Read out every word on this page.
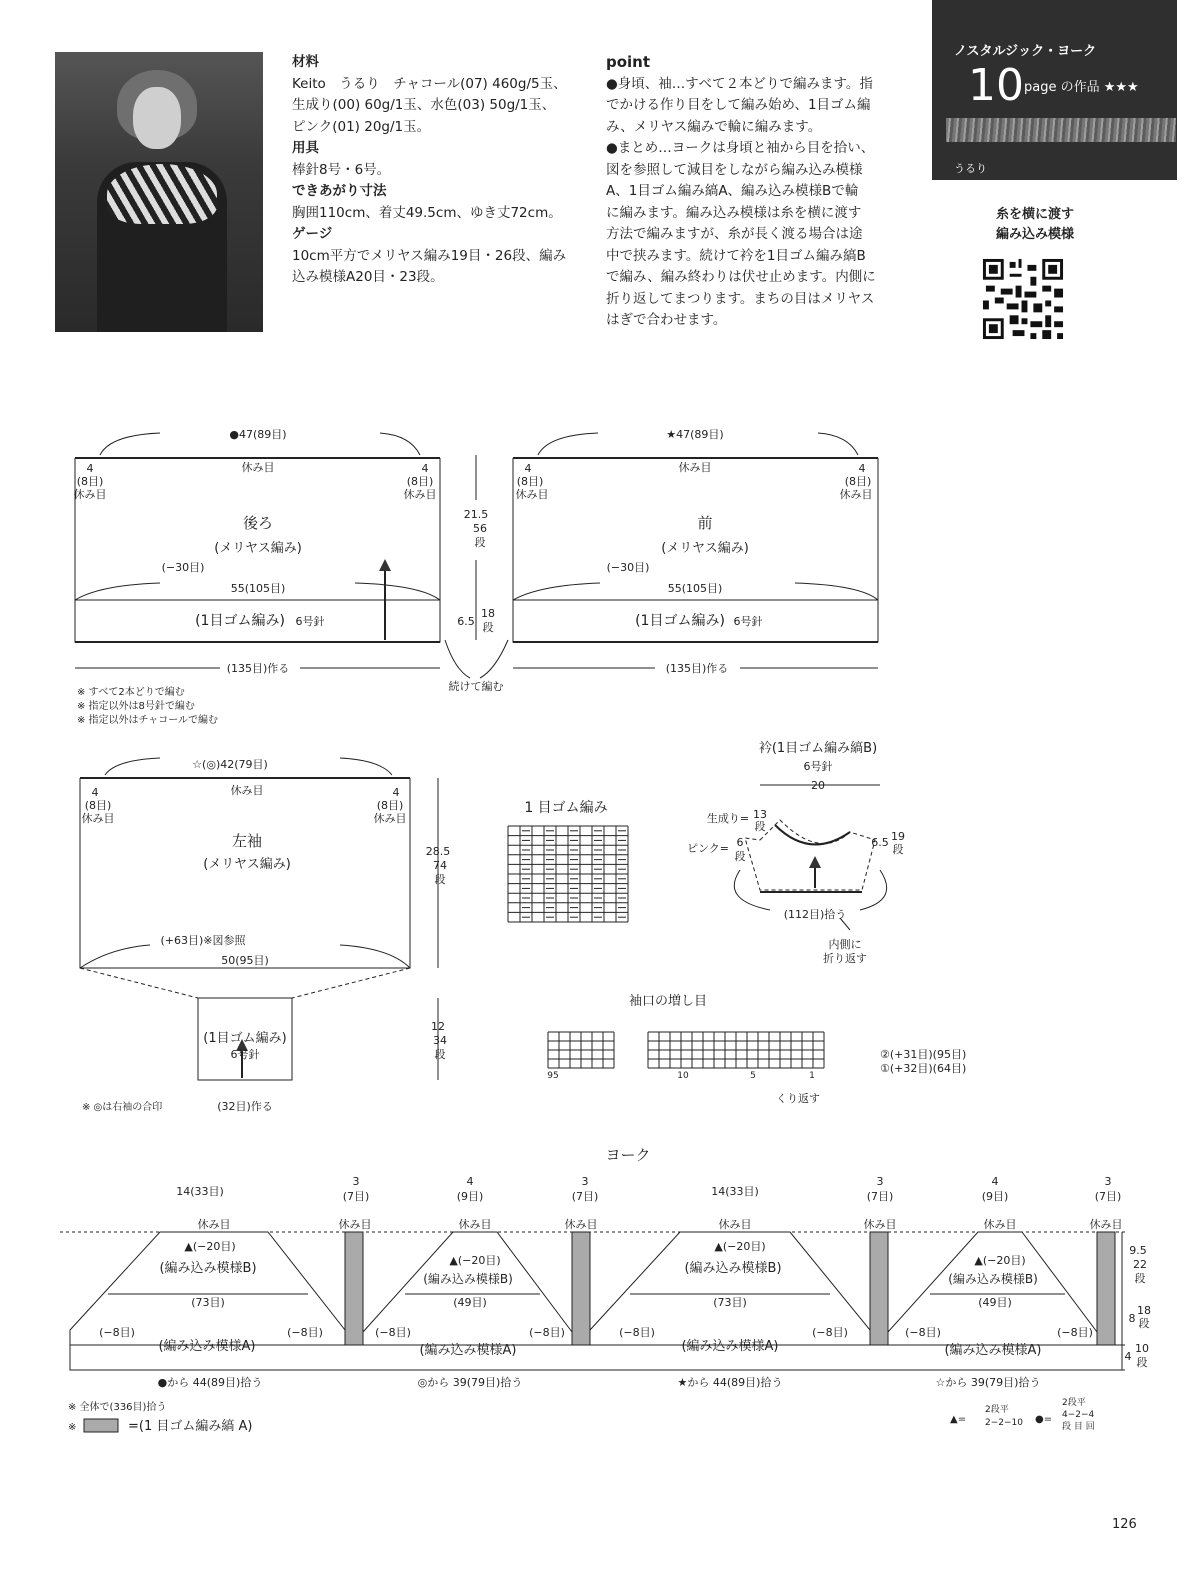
材料
Keito　うるり　チャコール(07) 460g/5玉、
生成り(00) 60g/1玉、水色(03) 50g/1玉、
ピンク(01) 20g/1玉。
用具
棒針8号・6号。
できあがり寸法
胸囲110cm、着丈49.5cm、ゆき丈72cm。
ゲージ
10cm平方でメリヤス編み19目・26段、編み
込み模様A20目・23段。
point
●身頃、袖…すべて２本どりで編みます。指
でかける作り目をして編み始め、1目ゴム編
み、メリヤス編みで輪に編みます。
●まとめ…ヨークは身頃と袖から目を拾い、
図を参照して減目をしながら編み込み模様
A、1目ゴム編み縞A、編み込み模様Bで輪
に編みます。編み込み模様は糸を横に渡す
方法で編みますが、糸が長く渡る場合は途
中で挟みます。続けて衿を1目ゴム編み縞B
で編み、編み終わりは伏せ止めます。内側に
折り返してまつります。まちの目はメリヤス
はぎで合わせます。
ノスタルジック・ヨーク
10 page の作品 ★★★
うるり
糸を横に渡す
編み込み模様
●47(89目)
休み目
4
(8目)
休み目
4
(8目)
休み目
後ろ
(メリヤス編み)
(−30目)
55(105目)
(1目ゴム編み) 6号針
(135目)作る
★47(89目)
休み目
4
(8目)
休み目
4
(8目)
休み目
前
(メリヤス編み)
(−30目)
55(105目)
(1目ゴム編み) 6号針
(135目)作る
21.5
56
段
6.5
18
段
続けて編む
☆(◎)42(79目)
休み目
4
(8目)
休み目
4
(8目)
休み目
左袖
(メリヤス編み)
(+63目)※図参照
50(95目)
(1目ゴム編み)
6号針
(32目)作る
28.5
74
段
12
34
段
1 目ゴム編み
衿(1目ゴム編み縞B)
6号針
20
生成り= 13
段
ピンク= 6
段
6.5 19
段
(112目)拾う
内側に
折り返す
袖口の増し目
②(+31目)(95目)
①(+32目)(64目)
くり返す
95	10	5	1
ヨーク
14(33目)
3
(7目)
4
(9目)
3
(7目)	14(33目)
3
(7目)
4
(9目)
3
(7目)
休み目	休み目	休み目	休み目	休み目	休み目	休み目	休み目
▲(−20目)
▲(−20目)
▲(−20目)
▲(−20目)
(編み込み模様B)
(編み込み模様B)
(編み込み模様B)
(編み込み模様B)
(73目)	(49目)	(73目)	(49目)
(−8目)	(−8目)	(−8目)	(−8目)	(−8目)	(−8目)	(−8目)	(−8目)
(編み込み模様A)	(編み込み模様A)	(編み込み模様A)	(編み込み模様A)
●から 44(89目)拾う	◎から 39(79目)拾う	★から 44(89目)拾う	☆から 39(79目)拾う
9.5
22
段
8
18
段
4
10
段
※ すべて2本どりで編む
※ 指定以外は8号針で編む
※ 指定以外はチャコールで編む
※ ◎は右袖の合印
※ 全体で(336目)拾う
※	=(1 目ゴム編み縞 A)	▲=
2段平
2−2−10 ●=
2段平
4−2−4
段 目 回
126
